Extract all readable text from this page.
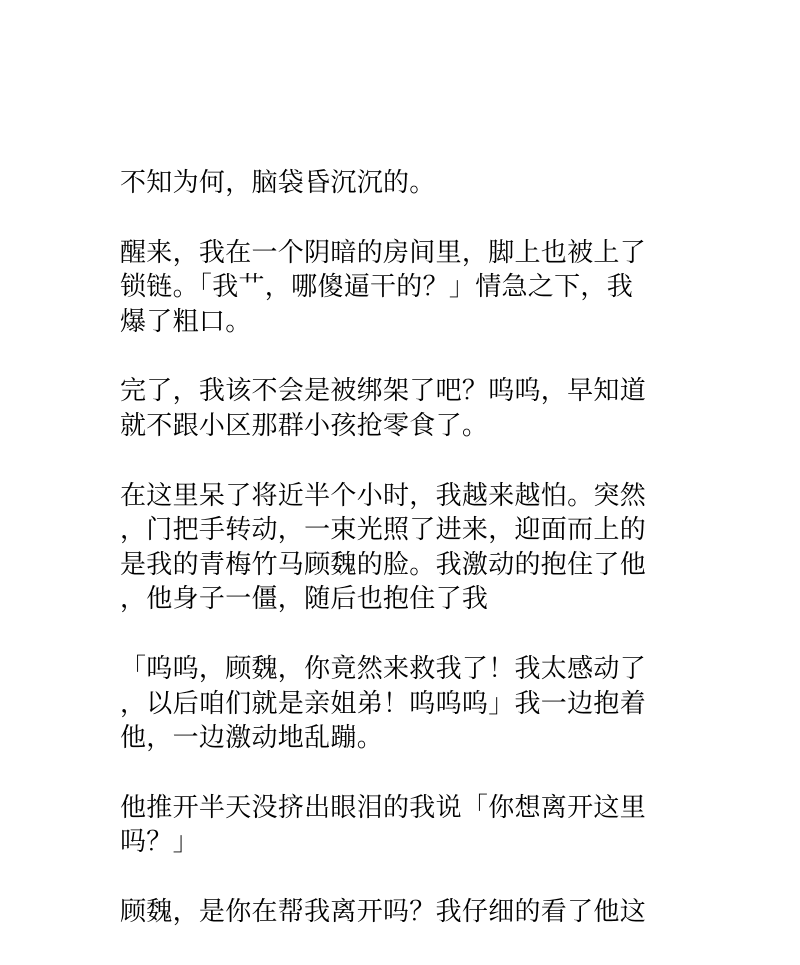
不知为何，脑袋昏沉沉的。
醒来，我在一个阴暗的房间里，脚上也被上了
锁链。「我艹，哪傻逼干的？」情急之下，我
爆了粗口。
完了，我该不会是被绑架了吧？呜呜，早知道
就不跟小区那群小孩抢零食了。
在这里呆了将近半个小时，我越来越怕。突然
，门把手转动，一束光照了进来，迎面而上的
是我的青梅竹马顾魏的脸。我激动的抱住了他
，他身子一僵，随后也抱住了我
「呜呜，顾魏，你竟然来救我了！我太感动了
，以后咱们就是亲姐弟！呜呜呜」我一边抱着
他，一边激动地乱蹦。
他推开半天没挤出眼泪的我说「你想离开这里
吗？」
顾魏，是你在帮我离开吗？我仔细的看了他这
